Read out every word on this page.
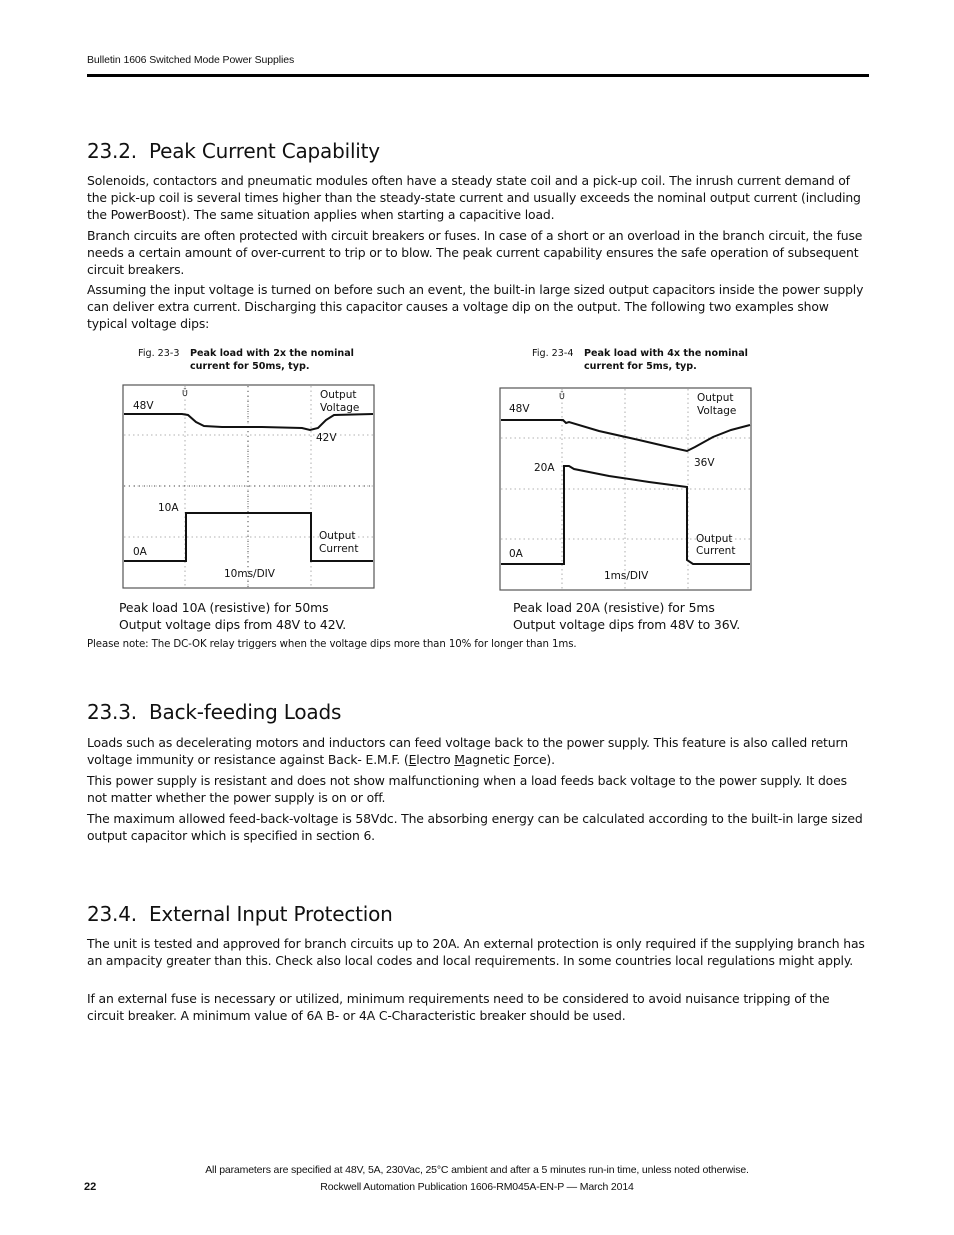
Bulletin 1606 Switched Mode Power Supplies
23.2. Peak Current Capability

Solenoids, contactors and pneumatic modules often have a steady state coil and a pick-up coil. The inrush current demand of the pick-up coil is several times higher than the steady-state current and usually exceeds the nominal output current (including the PowerBoost). The same situation applies when starting a capacitive load.

Branch circuits are often protected with circuit breakers or fuses. In case of a short or an overload in the branch circuit, the fuse needs a certain amount of over-current to trip or to blow. The peak current capability ensures the safe operation of subsequent circuit breakers.

Assuming the input voltage is turned on before such an event, the built-in large sized output capacitors inside the power supply can deliver extra current. Discharging this capacitor causes a voltage dip on the output. The following two examples show typical voltage dips:

Fig. 23-3 Peak load with 2x the nominal current for 50ms, typ.
Fig. 23-4 Peak load with 4x the nominal current for 5ms, typ.
Ū
48V
42V
Output
Voltage
10A
0A
Output
Current
10ms/DIV
Ū
48V
36V
Output
Voltage
20A
0A
Output
Current
1ms/DIV
Peak load 10A (resistive) for 50ms
Output voltage dips from 48V to 42V.
Peak load 20A (resistive) for 5ms
Output voltage dips from 48V to 36V.
Please note: The DC-OK relay triggers when the voltage dips more than 10% for longer than 1ms.
23.3. Back-feeding Loads

Loads such as decelerating motors and inductors can feed voltage back to the power supply. This feature is also called return voltage immunity or resistance against Back- E.M.F. (Electro Magnetic Force).

This power supply is resistant and does not show malfunctioning when a load feeds back voltage to the power supply. It does not matter whether the power supply is on or off.

The maximum allowed feed-back-voltage is 58Vdc. The absorbing energy can be calculated according to the built-in large sized output capacitor which is specified in section 6.

23.4. External Input Protection

The unit is tested and approved for branch circuits up to 20A. An external protection is only required if the supplying branch has an ampacity greater than this. Check also local codes and local requirements. In some countries local regulations might apply.

If an external fuse is necessary or utilized, minimum requirements need to be considered to avoid nuisance tripping of the circuit breaker. A minimum value of 6A B- or 4A C-Characteristic breaker should be used.

All parameters are specified at 48V, 5A, 230Vac, 25°C ambient and after a 5 minutes run-in time, unless noted otherwise.
22	Rockwell Automation Publication 1606-RM045A-EN-P — March 2014
